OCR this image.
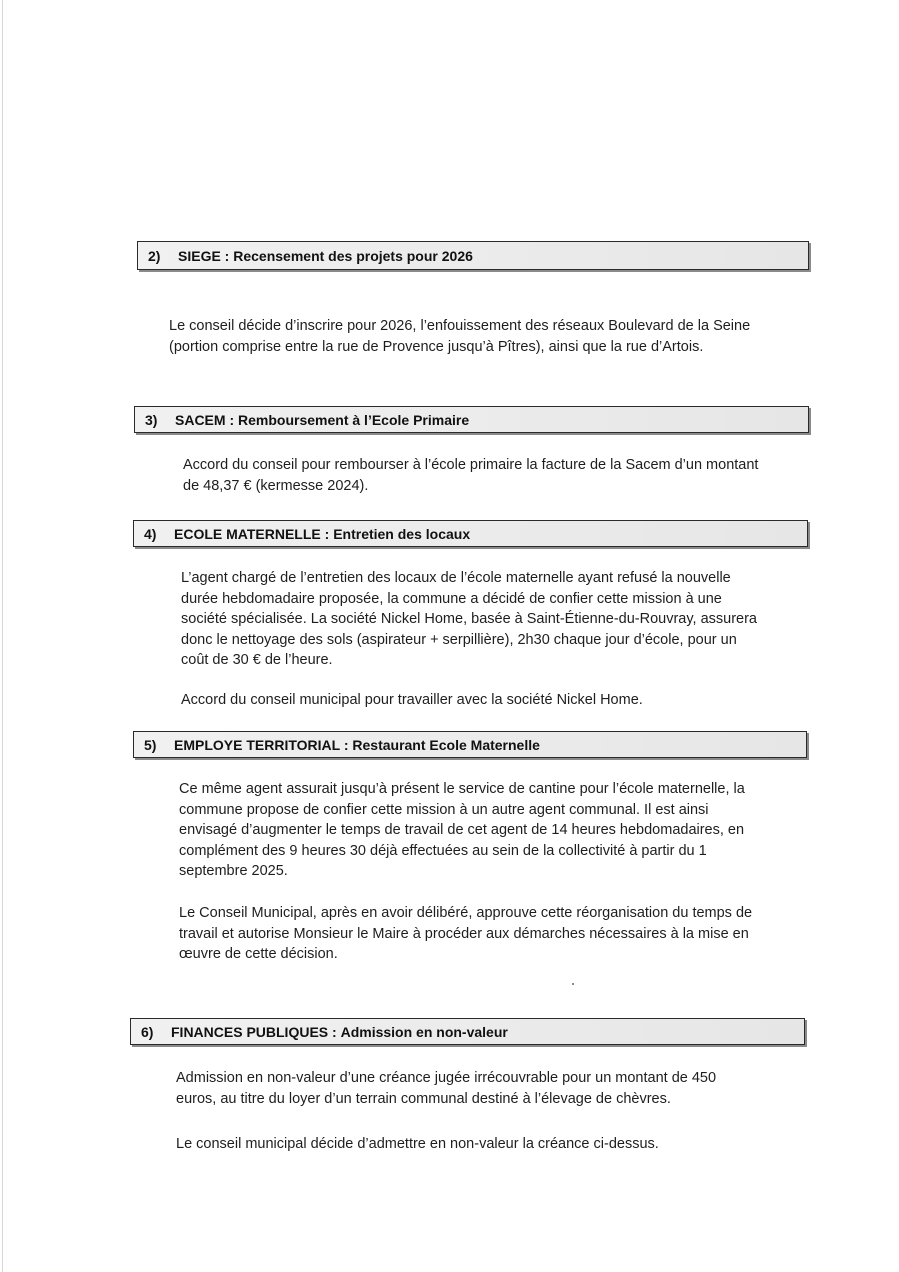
2)	SIEGE :
Recensement des projets pour 2026
Le conseil décide d’inscrire pour 2026, l’enfouissement des réseaux Boulevard de la Seine
(portion comprise entre la rue de Provence jusqu’à Pîtres), ainsi que la rue d’Artois.
3)	SACEM :
Remboursement à l’Ecole Primaire
Accord du conseil pour rembourser à l’école primaire la facture de la Sacem d’un montant
de 48,37 € (kermesse 2024).
4)	ECOLE MATERNELLE :
Entretien des locaux
L’agent chargé de l’entretien des locaux de l’école maternelle ayant refusé la nouvelle
durée hebdomadaire proposée, la commune a décidé de confier cette mission à une
société spécialisée. La société Nickel Home, basée à Saint-Étienne-du-Rouvray, assurera
donc le nettoyage des sols (aspirateur + serpillière), 2h30 chaque jour d’école, pour un
coût de 30 € de l’heure.
Accord du conseil municipal pour travailler avec la société Nickel Home.
5)	EMPLOYE TERRITORIAL :
Restaurant Ecole Maternelle
Ce même agent assurait jusqu’à présent le service de cantine pour l’école maternelle, la
commune propose de confier cette mission à un autre agent communal. Il est ainsi
envisagé d’augmenter le temps de travail de cet agent de 14 heures hebdomadaires, en
complément des 9 heures 30 déjà effectuées au sein de la collectivité à partir du 1
septembre 2025.
Le Conseil Municipal, après en avoir délibéré, approuve cette réorganisation du temps de
travail et autorise Monsieur le Maire à procéder aux démarches nécessaires à la mise en
œuvre de cette décision.
6)	FINANCES PUBLIQUES :
Admission en non-valeur
Admission en non-valeur d’une créance jugée irrécouvrable pour un montant de 450
euros, au titre du loyer d’un terrain communal destiné à l’élevage de chèvres.
Le conseil municipal décide d’admettre en non-valeur la créance ci-dessus.
